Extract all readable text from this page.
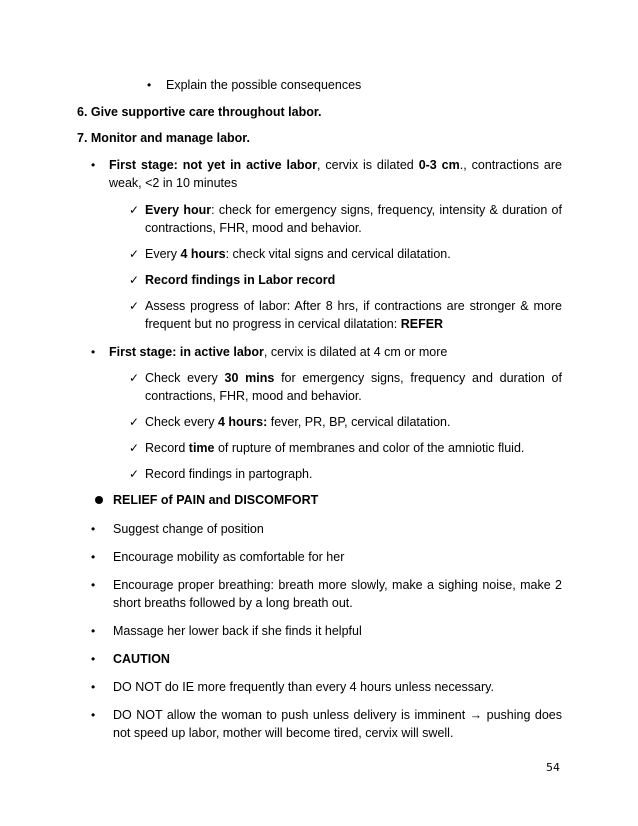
• Explain the possible consequences
6. Give supportive care throughout labor.
7. Monitor and manage labor.
• First stage: not yet in active labor, cervix is dilated 0-3 cm., contractions are
weak, <2 in 10 minutes
✓ Every hour: check for emergency signs, frequency, intensity & duration of
contractions, FHR, mood and behavior.
✓ Every 4 hours: check vital signs and cervical dilatation.
✓ Record findings in Labor record
✓ Assess progress of labor: After 8 hrs, if contractions are stronger & more
frequent but no progress in cervical dilatation: REFER
• First stage: in active labor, cervix is dilated at 4 cm or more
✓ Check every 30 mins for emergency signs, frequency and duration of
contractions, FHR, mood and behavior.
✓ Check every 4 hours: fever, PR, BP, cervical dilatation.
✓ Record time of rupture of membranes and color of the amniotic fluid.
✓ Record findings in partograph.
RELIEF of PAIN and DISCOMFORT
• Suggest change of position
• Encourage mobility as comfortable for her
• Encourage proper breathing: breath more slowly, make a sighing noise, make 2
short breaths followed by a long breath out.
• Massage her lower back if she finds it helpful
• CAUTION
• DO NOT do IE more frequently than every 4 hours unless necessary.
• DO NOT allow the woman to push unless delivery is imminent → pushing does
not speed up labor, mother will become tired, cervix will swell.
54
